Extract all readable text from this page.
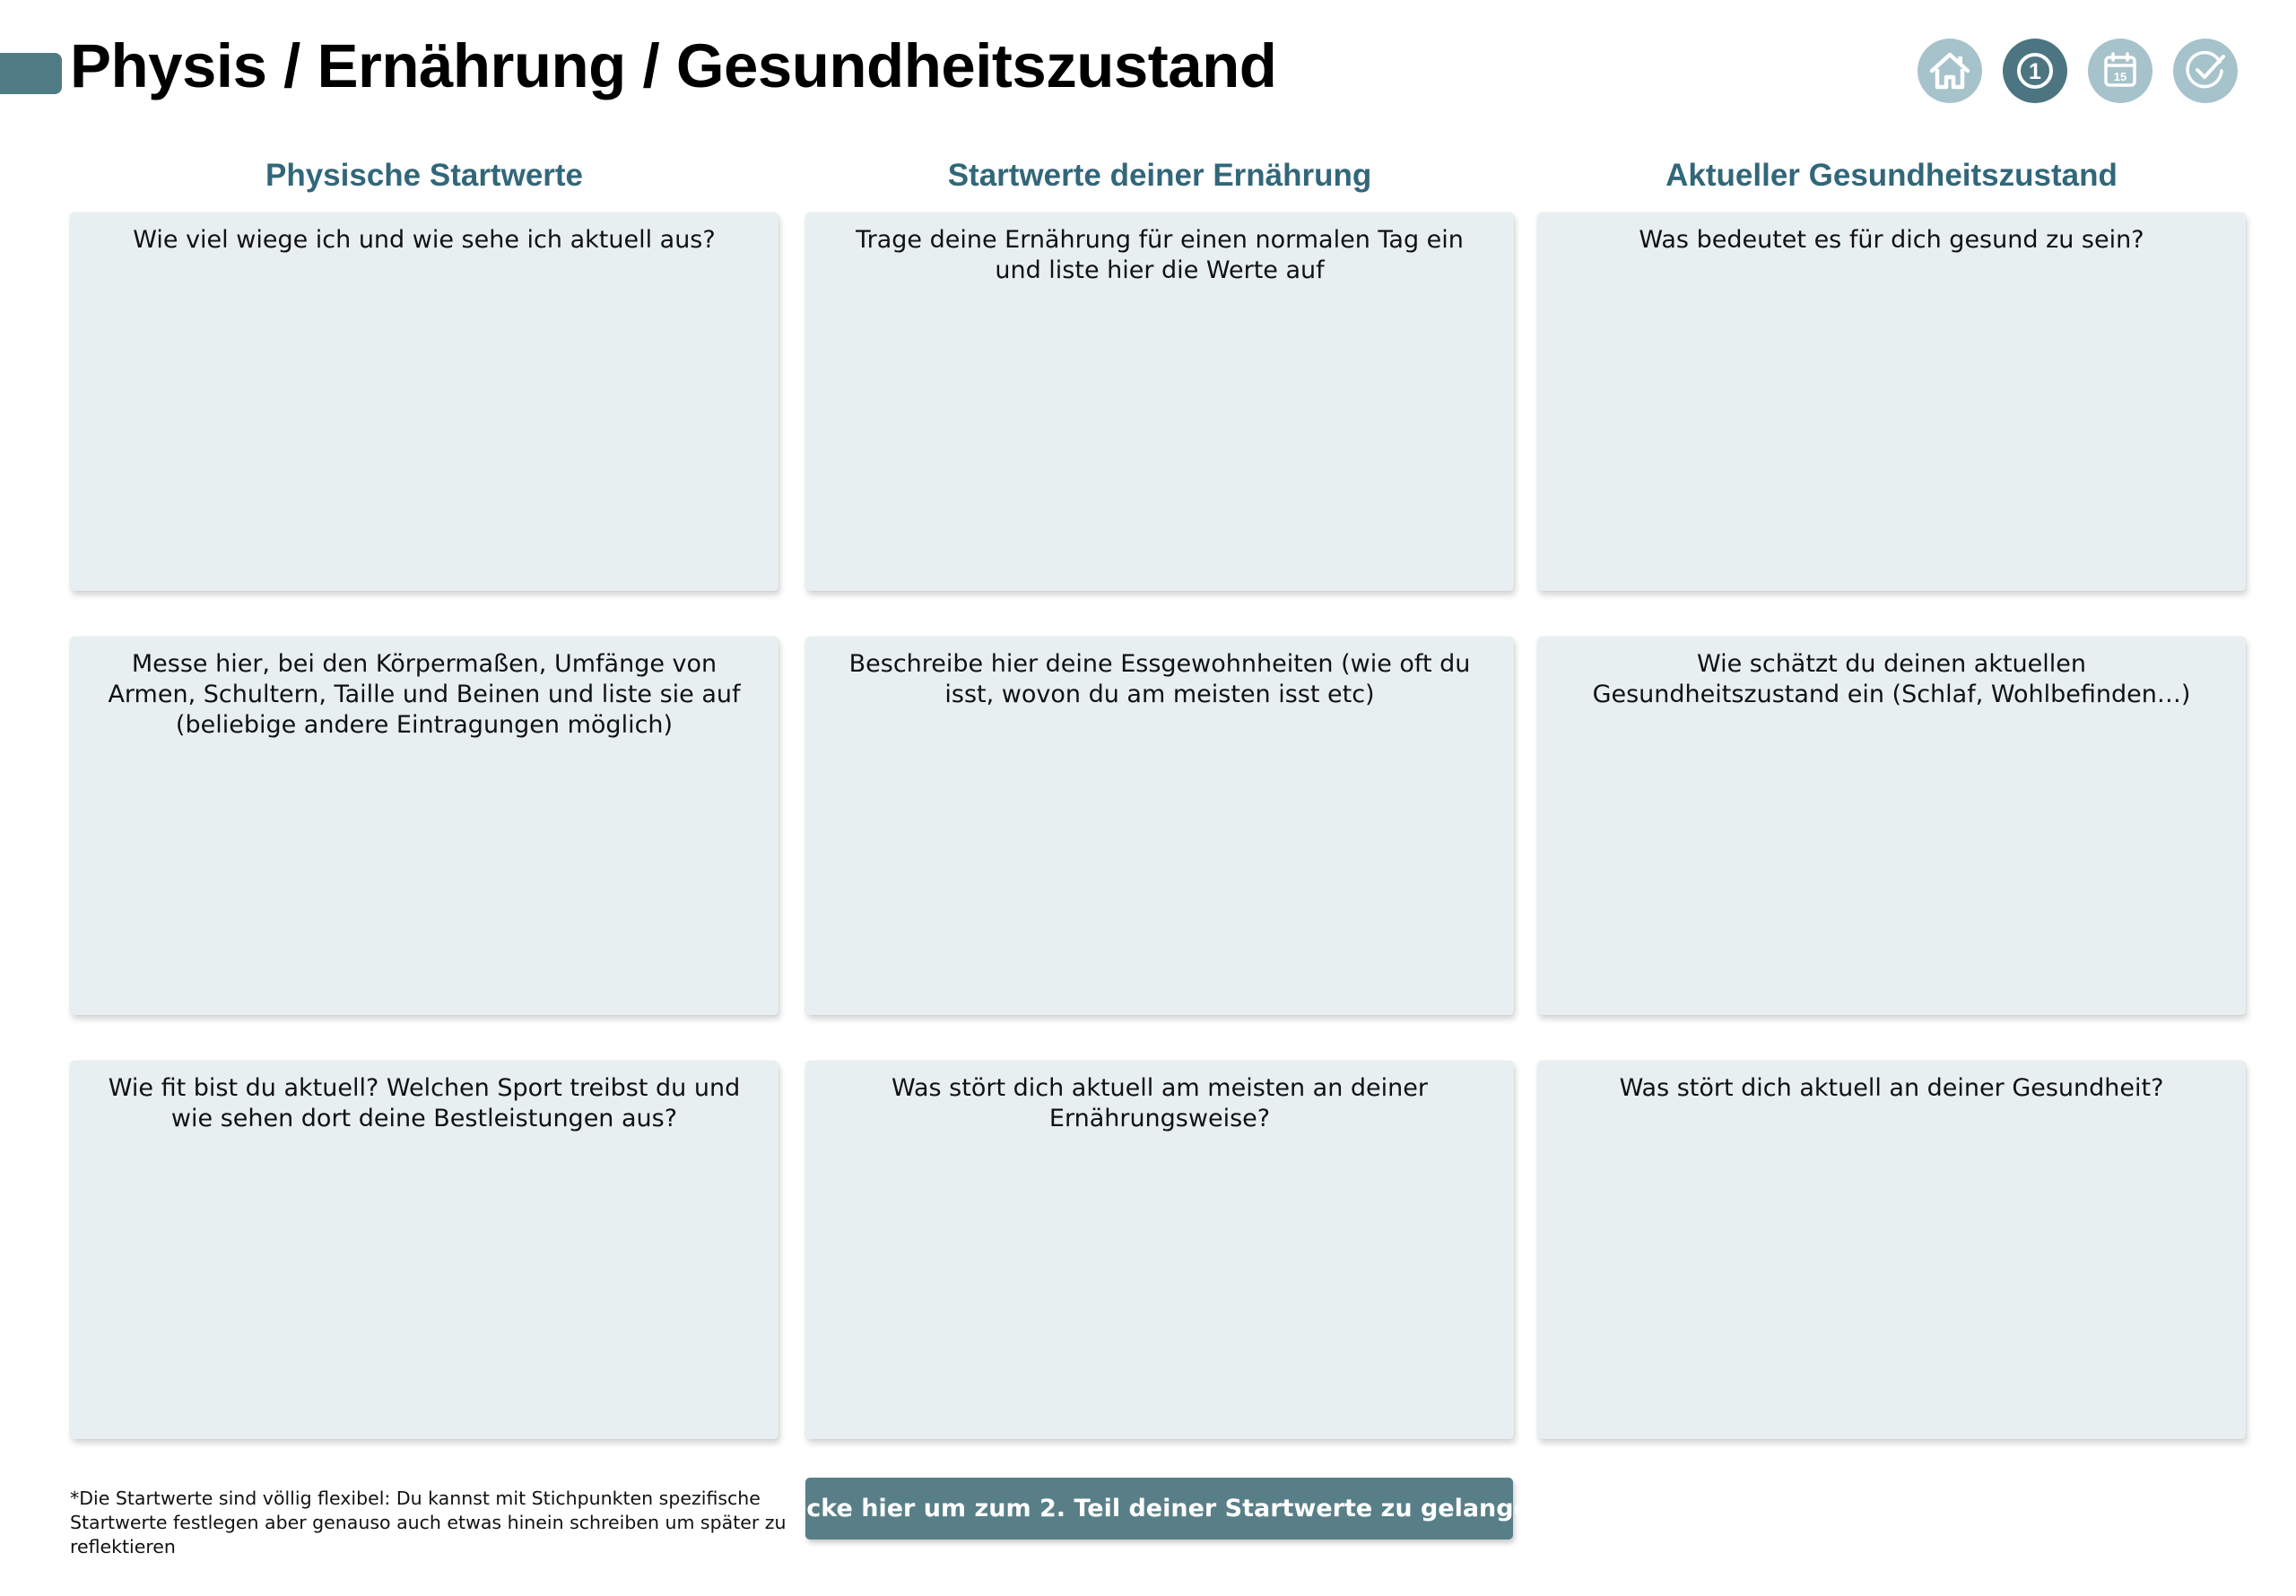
Physis / Ernährung / Gesundheitszustand	1	15
Physische Startwerte
Wie viel wiege ich und wie sehe ich aktuell aus?
Messe hier, bei den Körpermaßen, Umfänge von Armen, Schultern, Taille und Beinen und liste sie auf (beliebige andere Eintragungen möglich)
Wie fit bist du aktuell? Welchen Sport treibst du und wie sehen dort deine Bestleistungen aus?
Startwerte deiner Ernährung
Trage deine Ernährung für einen normalen Tag ein und liste hier die Werte auf
Beschreibe hier deine Essgewohnheiten (wie oft du isst, wovon du am meisten isst etc)
Was stört dich aktuell am meisten an deiner Ernährungsweise?
Aktueller Gesundheitszustand
Was bedeutet es für dich gesund zu sein?
Wie schätzt du deinen aktuellen Gesundheitszustand ein (Schlaf, Wohlbefinden…)
Was stört dich aktuell an deiner Gesundheit?

*Die Startwerte sind völlig flexibel: Du kannst mit Stichpunkten spezifische Startwerte festlegen aber genauso auch etwas hinein schreiben um später zu reflektieren

Klicke hier um zum 2. Teil deiner Startwerte zu gelangen
